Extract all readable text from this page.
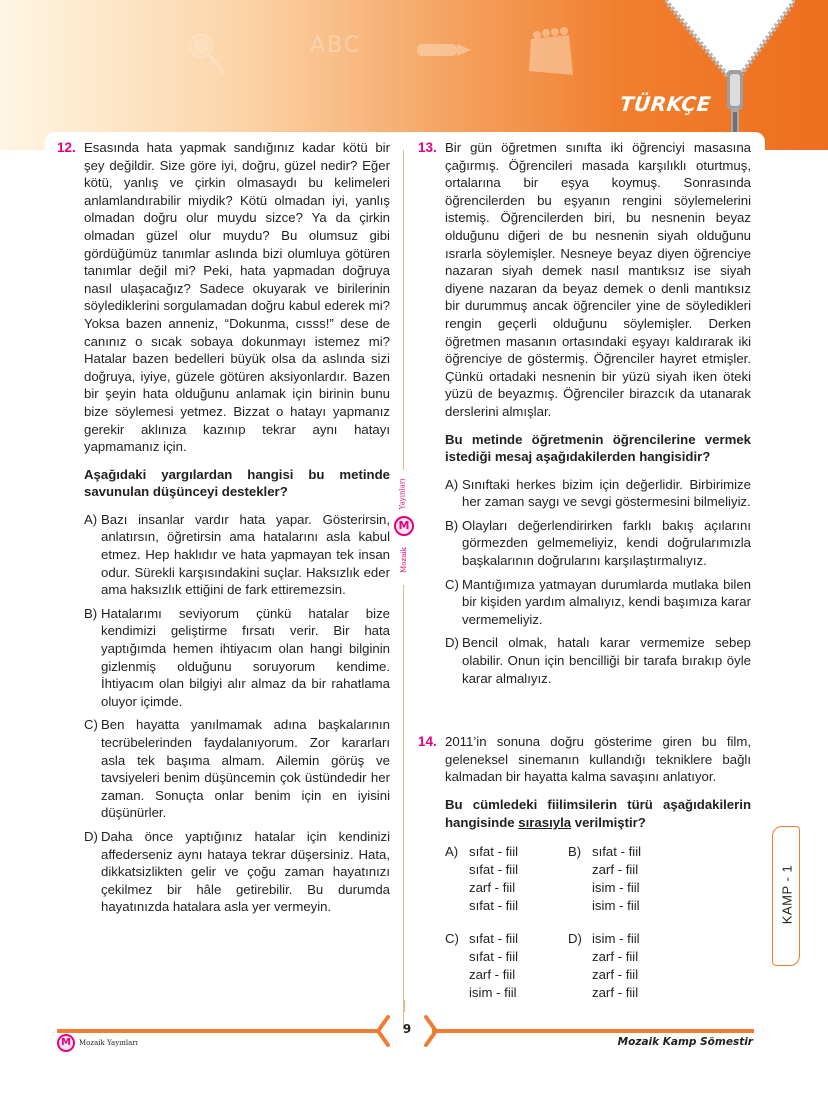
ABC
TÜRKÇE
12. Esasında hata yapmak sandığınız kadar kötü bir şey değildir. Size göre iyi, doğru, güzel nedir? Eğer kötü, yanlış ve çirkin olmasaydı bu kelimeleri anlamlandırabilir miydik? Kötü olmadan iyi, yanlış olmadan doğru olur muydu sizce? Ya da çirkin olmadan güzel olur muydu? Bu olumsuz gibi gördüğümüz tanımlar aslında bizi olumluya götüren tanımlar değil mi? Peki, hata yapmadan doğruya nasıl ulaşacağız? Sadece okuyarak ve birilerinin söylediklerini sorgulamadan doğru kabul ederek mi? Yoksa bazen anneniz, “Dokunma, cısss!” dese de canınız o sıcak sobaya dokunmayı istemez mi? Hatalar bazen bedelleri büyük olsa da aslında sizi doğruya, iyiye, güzele götüren aksiyonlardır. Bazen bir şeyin hata olduğunu anlamak için birinin bunu bize söylemesi yetmez. Bizzat o hatayı yapmanız gerekir aklınıza kazınıp tekrar aynı hatayı yapmamanız için.
Aşağıdaki yargılardan hangisi bu metinde savunulan düşünceyi destekler?
A) Bazı insanlar vardır hata yapar. Gösterirsin, anlatırsın, öğretirsin ama hatalarını asla kabul etmez. Hep haklıdır ve hata yapmayan tek insan odur. Sürekli karşısındakini suçlar. Haksızlık eder ama haksızlık ettiğini de fark ettiremezsin.
B) Hatalarımı seviyorum çünkü hatalar bize kendimizi geliştirme fırsatı verir. Bir hata yaptığımda hemen ihtiyacım olan hangi bilginin gizlenmiş olduğunu soruyorum kendime. İhtiyacım olan bilgiyi alır almaz da bir rahatlama oluyor içimde.
C) Ben hayatta yanılmamak adına başkalarının tecrübelerinden faydalanıyorum. Zor kararları asla tek başıma almam. Ailemin görüş ve tavsiyeleri benim düşüncemin çok üstündedir her zaman. Sonuçta onlar benim için en iyisini düşünürler.
D) Daha önce yaptığınız hatalar için kendinizi affederseniz aynı hataya tekrar düşersiniz. Hata, dikkatsizlikten gelir ve çoğu zaman hayatınızı çekilmez bir hâle getirebilir. Bu durumda hayatınızda hatalara asla yer vermeyin.
Yayınları
M
Mozaik
13. Bir gün öğretmen sınıfta iki öğrenciyi masasına çağırmış. Öğrencileri masada karşılıklı oturtmuş, ortalarına bir eşya koymuş. Sonrasında öğrencilerden bu eşyanın rengini söylemelerini istemiş. Öğrencilerden biri, bu nesnenin beyaz olduğunu diğeri de bu nesnenin siyah olduğunu ısrarla söylemişler. Nesneye beyaz diyen öğrenciye nazaran siyah demek nasıl mantıksız ise siyah diyene nazaran da beyaz demek o denli mantıksız bir durummuş ancak öğrenciler yine de söyledikleri rengin geçerli olduğunu söylemişler. Derken öğretmen masanın ortasındaki eşyayı kaldırarak iki öğrenciye de göstermiş. Öğrenciler hayret etmişler. Çünkü ortadaki nesnenin bir yüzü siyah iken öteki yüzü de beyazmış. Öğrenciler birazcık da utanarak derslerini almışlar.
Bu metinde öğretmenin öğrencilerine vermek istediği mesaj aşağıdakilerden hangisidir?
A) Sınıftaki herkes bizim için değerlidir. Birbirimize her zaman saygı ve sevgi göstermesini bilmeliyiz.
B) Olayları değerlendirirken farklı bakış açılarını görmezden gelmemeliyiz, kendi doğrularımızla başkalarının doğrularını karşılaştırmalıyız.
C) Mantığımıza yatmayan durumlarda mutlaka bilen bir kişiden yardım almalıyız, kendi başımıza karar vermemeliyiz.
D) Bencil olmak, hatalı karar vermemize sebep olabilir. Onun için bencilliği bir tarafa bırakıp öyle karar almalıyız.
14. 2011’in sonuna doğru gösterime giren bu film, geleneksel sinemanın kullandığı tekniklere bağlı kalmadan bir hayatta kalma savaşını anlatıyor.
Bu cümledeki fiilimsilerin türü aşağıdakilerin hangisinde sırasıyla verilmiştir?
A) sıfat - fiil
sıfat - fiil
zarf - fiil
sıfat - fiil
B) sıfat - fiil
zarf - fiil
isim - fiil
isim - fiil
C) sıfat - fiil
sıfat - fiil
zarf - fiil
isim - fiil
D) isim - fiil
zarf - fiil
zarf - fiil
zarf - fiil
KAMP - 1
9
M	Mozaik Yayınları	Mozaik Kamp Sömestir
